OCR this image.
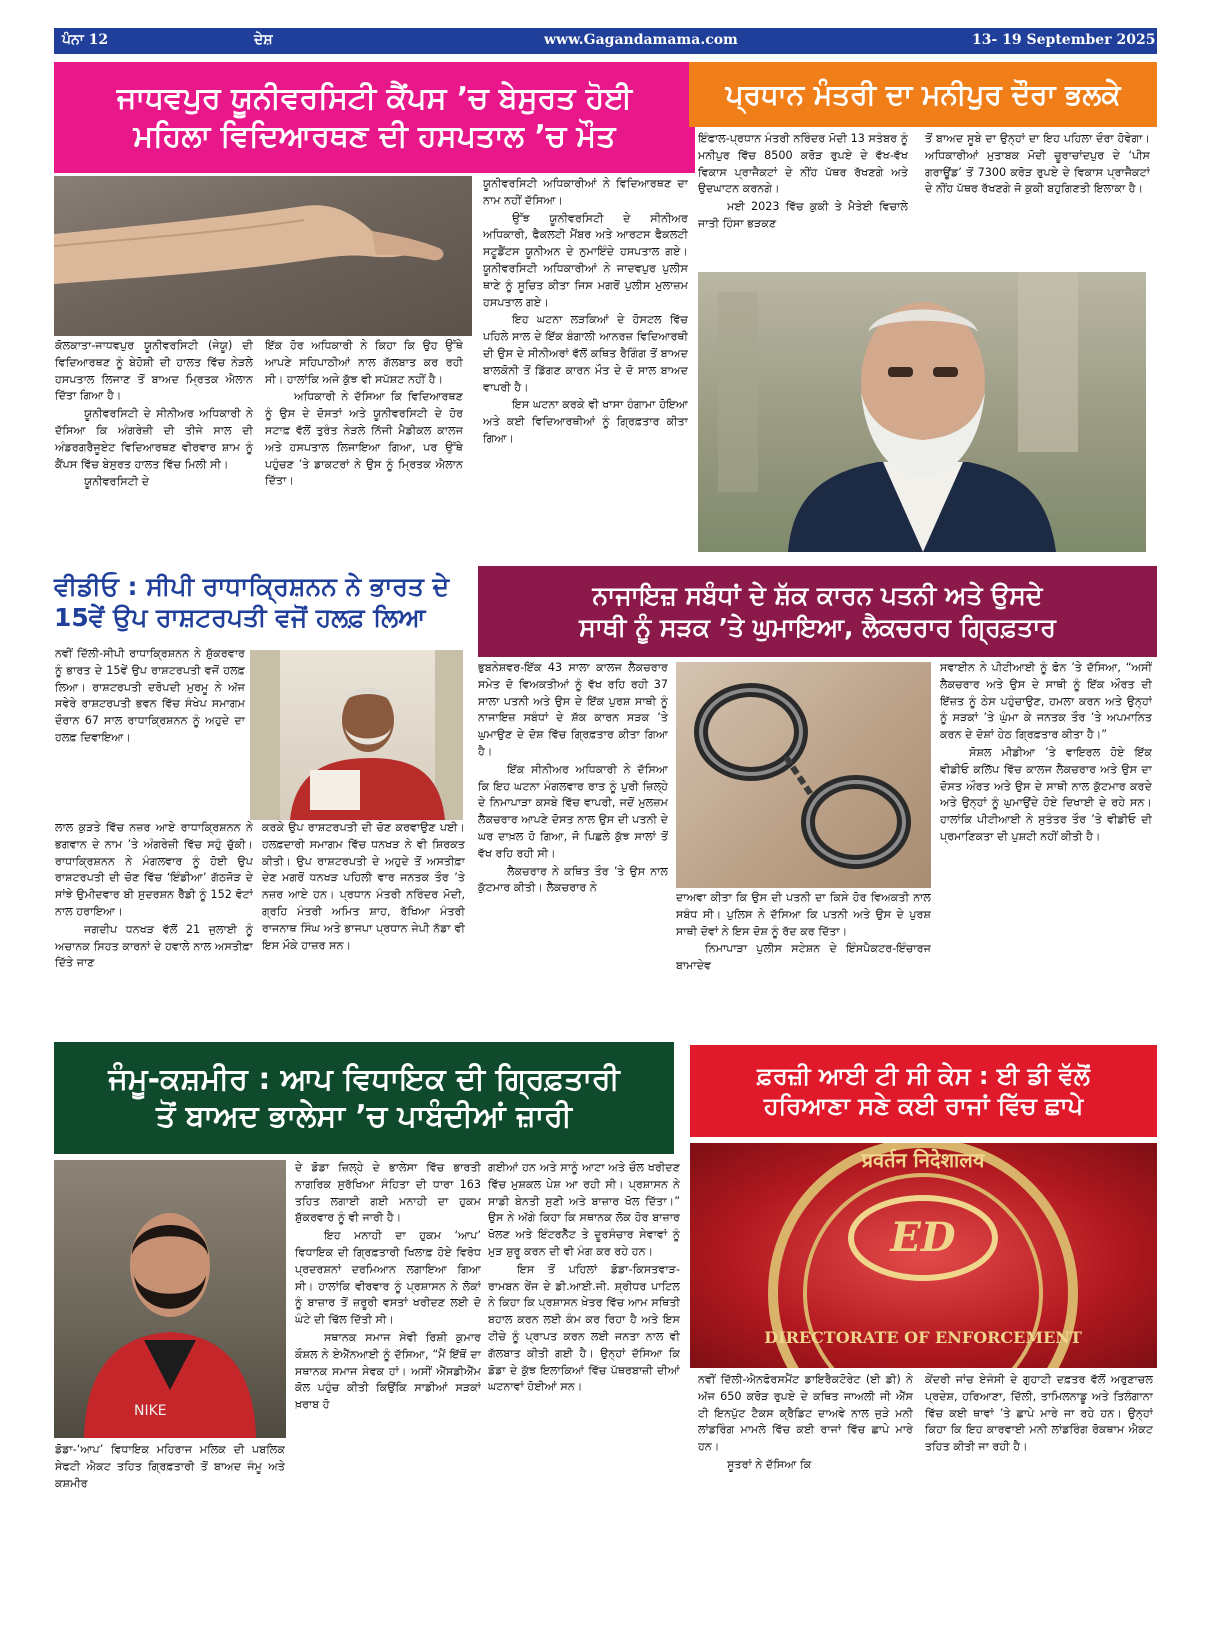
ਪੰਨਾ 12	ਦੇਸ਼	www.Gagandamama.com	13- 19 September 2025
ਜਾਧਵਪੁਰ ਯੂਨੀਵਰਸਿਟੀ ਕੈਂਪਸ ’ਚ ਬੇਸੁਰਤ ਹੋਈ
ਮਹਿਲਾ ਵਿਦਿਆਰਥਣ ਦੀ ਹਸਪਤਾਲ ’ਚ ਮੌਤ

ਕੋਲਕਾਤਾ-ਜਾਧਵਪੁਰ ਯੂਨੀਵਰਸਿਟੀ (ਜੇਯੂ) ਦੀ ਵਿਦਿਆਰਥਣ ਨੂੰ ਬੇਹੋਸ਼ੀ ਦੀ ਹਾਲਤ ਵਿੱਚ ਨੇੜਲੇ ਹਸਪਤਾਲ ਲਿਜਾਣ ਤੋਂ ਬਾਅਦ ਮ੍ਰਿਤਕ ਐਲਾਨ ਦਿੱਤਾ ਗਿਆ ਹੈ।

ਯੂਨੀਵਰਸਿਟੀ ਦੇ ਸੀਨੀਅਰ ਅਧਿਕਾਰੀ ਨੇ ਦੱਸਿਆ ਕਿ ਅੰਗਰੇਜ਼ੀ ਦੀ ਤੀਜੇ ਸਾਲ ਦੀ ਅੰਡਰਗਰੈਜੂਏਟ ਵਿਦਿਆਰਥਣ ਵੀਰਵਾਰ ਸ਼ਾਮ ਨੂੰ ਕੈਂਪਸ ਵਿੱਚ ਬੇਸੁਰਤ ਹਾਲਤ ਵਿੱਚ ਮਿਲੀ ਸੀ।

ਯੂਨੀਵਰਸਿਟੀ ਦੇ

ਇੱਕ ਹੋਰ ਅਧਿਕਾਰੀ ਨੇ ਕਿਹਾ ਕਿ ਉਹ ਉੱਥੇ ਆਪਣੇ ਸਹਿਪਾਠੀਆਂ ਨਾਲ ਗੱਲਬਾਤ ਕਰ ਰਹੀ ਸੀ। ਹਾਲਾਂਕਿ ਅਜੇ ਕੁੱਝ ਵੀ ਸਪੱਸ਼ਟ ਨਹੀਂ ਹੈ।

ਅਧਿਕਾਰੀ ਨੇ ਦੱਸਿਆ ਕਿ ਵਿਦਿਆਰਥਣ ਨੂੰ ਉਸ ਦੇ ਦੋਸਤਾਂ ਅਤੇ ਯੂਨੀਵਰਸਿਟੀ ਦੇ ਹੋਰ ਸਟਾਫ਼ ਵੱਲੋਂ ਤੁਰੰਤ ਨੇੜਲੇ ਨਿੱਜੀ ਮੈਡੀਕਲ ਕਾਲਜ ਅਤੇ ਹਸਪਤਾਲ ਲਿਜਾਇਆ ਗਿਆ, ਪਰ ਉੱਥੇ ਪਹੁੰਚਣ ’ਤੇ ਡਾਕਟਰਾਂ ਨੇ ਉਸ ਨੂੰ ਮ੍ਰਿਤਕ ਐਲਾਨ ਦਿੱਤਾ।

ਯੂਨੀਵਰਸਿਟੀ ਅਧਿਕਾਰੀਆਂ ਨੇ ਵਿਦਿਆਰਥਣ ਦਾ ਨਾਮ ਨਹੀਂ ਦੱਸਿਆ।

ਉੱਝ ਯੂਨੀਵਰਸਿਟੀ ਦੇ ਸੀਨੀਅਰ ਅਧਿਕਾਰੀ, ਫੈਕਲਟੀ ਮੈਂਬਰ ਅਤੇ ਆਰਟਸ ਫੈਕਲਟੀ ਸਟੂਡੈਂਟਸ ਯੂਨੀਅਨ ਦੇ ਨੁਮਾਇੰਦੇ ਹਸਪਤਾਲ ਗਏ। ਯੂਨੀਵਰਸਿਟੀ ਅਧਿਕਾਰੀਆਂ ਨੇ ਜਾਦਵਪੁਰ ਪੁਲੀਸ ਥਾਣੇ ਨੂੰ ਸੂਚਿਤ ਕੀਤਾ ਜਿਸ ਮਗਰੋਂ ਪੁਲੀਸ ਮੁਲਾਜ਼ਮ ਹਸਪਤਾਲ ਗਏ।

ਇਹ ਘਟਨਾ ਲੜਕਿਆਂ ਦੇ ਹੋਸਟਲ ਵਿੱਚ ਪਹਿਲੇ ਸਾਲ ਦੇ ਇੱਕ ਬੰਗਾਲੀ ਆਨਰਜ਼ ਵਿਦਿਆਰਥੀ ਦੀ ਉਸ ਦੇ ਸੀਨੀਅਰਾਂ ਵੱਲੋਂ ਕਥਿਤ ਰੈਗਿੰਗ ਤੋਂ ਬਾਅਦ ਬਾਲਕੋਨੀ ਤੋਂ ਡਿੱਗਣ ਕਾਰਨ ਮੌਤ ਦੇ ਦੋ ਸਾਲ ਬਾਅਦ ਵਾਪਰੀ ਹੈ।

ਇਸ ਘਟਨਾ ਕਰਕੇ ਵੀ ਖਾਸਾ ਹੰਗਾਮਾ ਹੋਇਆ ਅਤੇ ਕਈ ਵਿਦਿਆਰਥੀਆਂ ਨੂੰ ਗ੍ਰਿਫ਼ਤਾਰ ਕੀਤਾ ਗਿਆ।

ਪ੍ਰਧਾਨ ਮੰਤਰੀ ਦਾ ਮਨੀਪੁਰ ਦੌਰਾ ਭਲਕੇ

ਇੰਫਾਲ-ਪ੍ਰਧਾਨ ਮੰਤਰੀ ਨਰਿੰਦਰ ਮੋਦੀ 13 ਸਤੰਬਰ ਨੂੰ ਮਨੀਪੁਰ ਵਿੱਚ 8500 ਕਰੋੜ ਰੁਪਏ ਦੇ ਵੱਖ-ਵੱਖ ਵਿਕਾਸ ਪ੍ਰਾਜੈਕਟਾਂ ਦੇ ਨੀਂਹ ਪੱਥਰ ਰੱਖਣਗੇ ਅਤੇ ਉਦਘਾਟਨ ਕਰਨਗੇ।

ਮਈ 2023 ਵਿੱਚ ਕੁਕੀ ਤੇ ਮੈਤੇਈ ਵਿਚਾਲੇ ਜਾਤੀ ਹਿੰਸਾ ਭੜਕਣ

ਤੋਂ ਬਾਅਦ ਸੂਬੇ ਦਾ ਉਨ੍ਹਾਂ ਦਾ ਇਹ ਪਹਿਲਾ ਦੌਰਾ ਹੋਵੇਗਾ। ਅਧਿਕਾਰੀਆਂ ਮੁਤਾਬਕ ਮੋਦੀ ਚੂਰਾਚਾਂਦਪੁਰ ਦੇ ‘ਪੀਸ ਗਰਾਊਂਡ’ ਤੋਂ 7300 ਕਰੋੜ ਰੁਪਏ ਦੇ ਵਿਕਾਸ ਪ੍ਰਾਜੈਕਟਾਂ ਦੇ ਨੀਂਹ ਪੱਥਰ ਰੱਖਣਗੇ ਜੋ ਕੁਕੀ ਬਹੁਗਿਣਤੀ ਇਲਾਕਾ ਹੈ।

ਵੀਡੀਓ : ਸੀਪੀ ਰਾਧਾਕ੍ਰਿਸ਼ਨਨ ਨੇ ਭਾਰਤ ਦੇ
15ਵੇਂ ਉਪ ਰਾਸ਼ਟਰਪਤੀ ਵਜੋਂ ਹਲਫ਼ ਲਿਆ

ਨਵੀਂ ਦਿੱਲੀ-ਸੀਪੀ ਰਾਧਾਕ੍ਰਿਸ਼ਨਨ ਨੇ ਸ਼ੁੱਕਰਵਾਰ ਨੂੰ ਭਾਰਤ ਦੇ 15ਵੇਂ ਉਪ ਰਾਸ਼ਟਰਪਤੀ ਵਜੋਂ ਹਲਫ਼ ਲਿਆ। ਰਾਸ਼ਟਰਪਤੀ ਦਰੋਪਦੀ ਮੁਰਮੂ ਨੇ ਅੱਜ ਸਵੇਰੇ ਰਾਸ਼ਟਰਪਤੀ ਭਵਨ ਵਿੱਚ ਸੰਖੇਪ ਸਮਾਗਮ ਦੌਰਾਨ 67 ਸਾਲ ਰਾਧਾਕ੍ਰਿਸ਼ਨਨ ਨੂੰ ਅਹੁਦੇ ਦਾ ਹਲਫ਼ ਦਿਵਾਇਆ।

ਲਾਲ ਕੁੜਤੇ ਵਿੱਚ ਨਜ਼ਰ ਆਏ ਰਾਧਾਕ੍ਰਿਸ਼ਨਨ ਨੇ ਭਗਵਾਨ ਦੇ ਨਾਮ ’ਤੇ ਅੰਗਰੇਜ਼ੀ ਵਿੱਚ ਸਹੁੰ ਚੁੱਕੀ। ਰਾਧਾਕ੍ਰਿਸ਼ਨਨ ਨੇ ਮੰਗਲਵਾਰ ਨੂੰ ਹੋਈ ਉਪ ਰਾਸ਼ਟਰਪਤੀ ਦੀ ਚੋਣ ਵਿੱਚ ‘ਇੰਡੀਆ’ ਗੱਠਜੋੜ ਦੇ ਸਾਂਝੇ ਉਮੀਦਵਾਰ ਬੀ ਸੁਦਰਸ਼ਨ ਰੈੱਡੀ ਨੂੰ 152 ਵੋਟਾਂ ਨਾਲ ਹਰਾਇਆ।

ਜਗਦੀਪ ਧਨਖੜ ਵੱਲੋਂ 21 ਜੁਲਾਈ ਨੂੰ ਅਚਾਨਕ ਸਿਹਤ ਕਾਰਨਾਂ ਦੇ ਹਵਾਲੇ ਨਾਲ ਅਸਤੀਫ਼ਾ ਦਿੱਤੇ ਜਾਣ

ਕਰਕੇ ਉਪ ਰਾਸ਼ਟਰਪਤੀ ਦੀ ਚੋਣ ਕਰਵਾਉਣ ਪਈ। ਹਲਫ਼ਦਾਰੀ ਸਮਾਗਮ ਵਿੱਚ ਧਨਖੜ ਨੇ ਵੀ ਸ਼ਿਰਕਤ ਕੀਤੀ। ਉਪ ਰਾਸ਼ਟਰਪਤੀ ਦੇ ਅਹੁਦੇ ਤੋਂ ਅਸਤੀਫ਼ਾ ਦੇਣ ਮਗਰੋਂ ਧਨਖੜ ਪਹਿਲੀ ਵਾਰ ਜਨਤਕ ਤੌਰ ’ਤੇ ਨਜ਼ਰ ਆਏ ਹਨ। ਪ੍ਰਧਾਨ ਮੰਤਰੀ ਨਰਿੰਦਰ ਮੋਦੀ, ਗ੍ਰਹਿ ਮੰਤਰੀ ਅਮਿਤ ਸ਼ਾਹ, ਰੱਖਿਆ ਮੰਤਰੀ ਰਾਜਨਾਥ ਸਿੰਘ ਅਤੇ ਭਾਜਪਾ ਪ੍ਰਧਾਨ ਜੇਪੀ ਨੱਡਾ ਵੀ ਇਸ ਮੌਕੇ ਹਾਜ਼ਰ ਸਨ।

ਨਾਜਾਇਜ਼ ਸਬੰਧਾਂ ਦੇ ਸ਼ੱਕ ਕਾਰਨ ਪਤਨੀ ਅਤੇ ਉਸਦੇ
ਸਾਥੀ ਨੂੰ ਸੜਕ ’ਤੇ ਘੁਮਾਇਆ, ਲੈਕਚਰਾਰ ਗ੍ਰਿਫ਼ਤਾਰ

ਭੁਬਨੇਸ਼ਵਰ-ਇੱਕ 43 ਸਾਲਾ ਕਾਲਜ ਲੈਕਚਰਾਰ ਸਮੇਤ ਦੋ ਵਿਅਕਤੀਆਂ ਨੂੰ ਵੱਖ ਰਹਿ ਰਹੀ 37 ਸਾਲਾ ਪਤਨੀ ਅਤੇ ਉਸ ਦੇ ਇੱਕ ਪੁਰਸ਼ ਸਾਥੀ ਨੂੰ ਨਾਜਾਇਜ਼ ਸਬੰਧਾਂ ਦੇ ਸ਼ੱਕ ਕਾਰਨ ਸੜਕ ’ਤੇ ਘੁਮਾਉਣ ਦੇ ਦੋਸ਼ ਵਿੱਚ ਗ੍ਰਿਫ਼ਤਾਰ ਕੀਤਾ ਗਿਆ ਹੈ।

ਇੱਕ ਸੀਨੀਅਰ ਅਧਿਕਾਰੀ ਨੇ ਦੱਸਿਆ ਕਿ ਇਹ ਘਟਨਾ ਮੰਗਲਵਾਰ ਰਾਤ ਨੂੰ ਪੁਰੀ ਜ਼ਿਲ੍ਹੇ ਦੇ ਨਿਮਾਪਾੜਾ ਕਸਬੇ ਵਿੱਚ ਵਾਪਰੀ, ਜਦੋਂ ਮੁਲਜ਼ਮ ਲੈਕਚਰਾਰ ਆਪਣੇ ਦੋਸਤ ਨਾਲ ਉਸ ਦੀ ਪਤਨੀ ਦੇ ਘਰ ਦਾਖ਼ਲ ਹੋ ਗਿਆ, ਜੋ ਪਿਛਲੇ ਕੁੱਝ ਸਾਲਾਂ ਤੋਂ ਵੱਖ ਰਹਿ ਰਹੀ ਸੀ।

ਲੈਕਚਰਾਰ ਨੇ ਕਥਿਤ ਤੌਰ ’ਤੇ ਉਸ ਨਾਲ ਕੁੱਟਮਾਰ ਕੀਤੀ। ਲੈਕਚਰਾਰ ਨੇ

ਦਾਅਵਾ ਕੀਤਾ ਕਿ ਉਸ ਦੀ ਪਤਨੀ ਦਾ ਕਿਸੇ ਹੋਰ ਵਿਅਕਤੀ ਨਾਲ ਸਬੰਧ ਸੀ। ਪੁਲਿਸ ਨੇ ਦੱਸਿਆ ਕਿ ਪਤਨੀ ਅਤੇ ਉਸ ਦੇ ਪੁਰਸ਼ ਸਾਥੀ ਦੋਵਾਂ ਨੇ ਇਸ ਦੋਸ਼ ਨੂੰ ਰੱਦ ਕਰ ਦਿੱਤਾ।

ਨਿਮਾਪਾੜਾ ਪੁਲੀਸ ਸਟੇਸ਼ਨ ਦੇ ਇੰਸਪੈਕਟਰ-ਇੰਚਾਰਜ ਬਾਮਾਦੇਵ

ਸਵਾਈਨ ਨੇ ਪੀਟੀਆਈ ਨੂੰ ਫੋਨ ’ਤੇ ਦੱਸਿਆ, “ਅਸੀਂ ਲੈਕਚਰਾਰ ਅਤੇ ਉਸ ਦੇ ਸਾਥੀ ਨੂੰ ਇੱਕ ਔਰਤ ਦੀ ਇੱਜ਼ਤ ਨੂੰ ਠੇਸ ਪਹੁੰਚਾਉਣ, ਹਮਲਾ ਕਰਨ ਅਤੇ ਉਨ੍ਹਾਂ ਨੂੰ ਸੜਕਾਂ ’ਤੇ ਘੁੰਮਾ ਕੇ ਜਨਤਕ ਤੌਰ ’ਤੇ ਅਪਮਾਨਿਤ ਕਰਨ ਦੇ ਦੋਸ਼ਾਂ ਹੇਠ ਗ੍ਰਿਫ਼ਤਾਰ ਕੀਤਾ ਹੈ।”

ਸੋਸ਼ਲ ਮੀਡੀਆ ’ਤੇ ਵਾਇਰਲ ਹੋਏ ਇੱਕ ਵੀਡੀਓ ਕਲਿੱਪ ਵਿੱਚ ਕਾਲਜ ਲੈਕਚਰਾਰ ਅਤੇ ਉਸ ਦਾ ਦੋਸਤ ਔਰਤ ਅਤੇ ਉਸ ਦੇ ਸਾਥੀ ਨਾਲ ਕੁੱਟਮਾਰ ਕਰਦੇ ਅਤੇ ਉਨ੍ਹਾਂ ਨੂੰ ਘੁਮਾਉਂਦੇ ਹੋਏ ਦਿਖਾਈ ਦੇ ਰਹੇ ਸਨ। ਹਾਲਾਂਕਿ ਪੀਟੀਆਈ ਨੇ ਸੁਤੰਤਰ ਤੌਰ ’ਤੇ ਵੀਡੀਓ ਦੀ ਪ੍ਰਮਾਣਿਕਤਾ ਦੀ ਪੁਸ਼ਟੀ ਨਹੀਂ ਕੀਤੀ ਹੈ।

ਜੰਮੂ-ਕਸ਼ਮੀਰ : ਆਪ ਵਿਧਾਇਕ ਦੀ ਗ੍ਰਿਫ਼ਤਾਰੀ
ਤੋਂ ਬਾਅਦ ਭਾਲੇਸਾ ’ਚ ਪਾਬੰਦੀਆਂ ਜ਼ਾਰੀ
NIKE

ਡੋਡਾ-‘ਆਪ’ ਵਿਧਾਇਕ ਮਹਿਰਾਜ ਮਲਿਕ ਦੀ ਪਬਲਿਕ ਸੇਫਟੀ ਐਕਟ ਤਹਿਤ ਗ੍ਰਿਫ਼ਤਾਰੀ ਤੋਂ ਬਾਅਦ ਜੰਮੂ ਅਤੇ ਕਸ਼ਮੀਰ

ਦੇ ਡੋਡਾ ਜ਼ਿਲ੍ਹੇ ਦੇ ਭਾਲੇਸਾ ਵਿੱਚ ਭਾਰਤੀ ਨਾਗਰਿਕ ਸੁਰੱਖਿਆ ਸੰਹਿਤਾ ਦੀ ਧਾਰਾ 163 ਤਹਿਤ ਲਗਾਈ ਗਈ ਮਨਾਹੀ ਦਾ ਹੁਕਮ ਸ਼ੁੱਕਰਵਾਰ ਨੂੰ ਵੀ ਜਾਰੀ ਹੈ।

ਇਹ ਮਨਾਹੀ ਦਾ ਹੁਕਮ ‘ਆਪ’ ਵਿਧਾਇਕ ਦੀ ਗ੍ਰਿਫ਼ਤਾਰੀ ਖਿਲਾਫ਼ ਹੋਏ ਵਿਰੋਧ ਪ੍ਰਦਰਸ਼ਨਾਂ ਦਰਮਿਆਨ ਲਗਾਇਆ ਗਿਆ ਸੀ। ਹਾਲਾਂਕਿ ਵੀਰਵਾਰ ਨੂੰ ਪ੍ਰਸ਼ਾਸਨ ਨੇ ਲੋਕਾਂ ਨੂੰ ਬਾਜ਼ਾਰ ਤੋਂ ਜ਼ਰੂਰੀ ਵਸਤਾਂ ਖਰੀਦਣ ਲਈ ਦੋ ਘੰਟੇ ਦੀ ਢਿੱਲ ਦਿੱਤੀ ਸੀ।

ਸਥਾਨਕ ਸਮਾਜ ਸੇਵੀ ਰਿਸ਼ੀ ਕੁਮਾਰ ਕੌਸ਼ਲ ਨੇ ਏਐੱਨਆਈ ਨੂੰ ਦੱਸਿਆ, “ਮੈਂ ਇੱਥੋਂ ਦਾ ਸਥਾਨਕ ਸਮਾਜ ਸੇਵਕ ਹਾਂ। ਅਸੀਂ ਐੱਸਡੀਐੱਮ ਕੋਲ ਪਹੁੰਚ ਕੀਤੀ ਕਿਉਂਕਿ ਸਾਡੀਆਂ ਸੜਕਾਂ ਖ਼ਰਾਬ ਹੋ

ਗਈਆਂ ਹਨ ਅਤੇ ਸਾਨੂੰ ਆਟਾ ਅਤੇ ਚੌਲ ਖਰੀਦਣ ਵਿੱਚ ਮੁਸ਼ਕਲ ਪੇਸ਼ ਆ ਰਹੀ ਸੀ। ਪ੍ਰਸ਼ਾਸਨ ਨੇ ਸਾਡੀ ਬੇਨਤੀ ਸੁਣੀ ਅਤੇ ਬਾਜ਼ਾਰ ਖੋਲ ਦਿੱਤਾ।” ਉਸ ਨੇ ਅੱਗੇ ਕਿਹਾ ਕਿ ਸਥਾਨਕ ਲੋਕ ਹੋਰ ਬਾਜ਼ਾਰ ਖੋਲਣ ਅਤੇ ਇੰਟਰਨੈੱਟ ਤੇ ਦੂਰਸੰਚਾਰ ਸੇਵਾਵਾਂ ਨੂੰ ਮੁੜ ਸ਼ੁਰੂ ਕਰਨ ਦੀ ਵੀ ਮੰਗ ਕਰ ਰਹੇ ਹਨ।

ਇਸ ਤੋਂ ਪਹਿਲਾਂ ਡੋਡਾ-ਕਿਸਤਵਾੜ-ਰਾਮਬਨ ਰੇਂਜ ਦੇ ਡੀ.ਆਈ.ਜੀ. ਸ਼੍ਰੀਧਰ ਪਾਟਿਲ ਨੇ ਕਿਹਾ ਕਿ ਪ੍ਰਸ਼ਾਸਨ ਖ਼ੇਤਰ ਵਿੱਚ ਆਮ ਸਥਿਤੀ ਬਹਾਲ ਕਰਨ ਲਈ ਕੰਮ ਕਰ ਰਿਹਾ ਹੈ ਅਤੇ ਇਸ ਟੀਚੇ ਨੂੰ ਪ੍ਰਾਪਤ ਕਰਨ ਲਈ ਜਨਤਾ ਨਾਲ ਵੀ ਗੱਲਬਾਤ ਕੀਤੀ ਗਈ ਹੈ। ਉਨ੍ਹਾਂ ਦੱਸਿਆ ਕਿ ਡੋਡਾ ਦੇ ਕੁੱਝ ਇਲਾਕਿਆਂ ਵਿੱਚ ਪੱਥਰਬਾਜ਼ੀ ਦੀਆਂ ਘਟਨਾਵਾਂ ਹੋਈਆਂ ਸਨ।

ਫ਼ਰਜ਼ੀ ਆਈ ਟੀ ਸੀ ਕੇਸ : ਈ ਡੀ ਵੱਲੋਂ
ਹਰਿਆਣਾ ਸਣੇ ਕਈ ਰਾਜਾਂ ਵਿੱਚ ਛਾਪੇ
प्रवर्तन निदेशालय
ED
DIRECTORATE OF ENFORCEMENT

ਨਵੀਂ ਦਿੱਲੀ-ਐਨਫੋਰਸਮੈਂਟ ਡਾਇਰੈਕਟੋਰੇਟ (ਈ ਡੀ) ਨੇ ਅੱਜ 650 ਕਰੋੜ ਰੁਪਏ ਦੇ ਕਥਿਤ ਜਾਅਲੀ ਜੀ ਐੱਸ ਟੀ ਇਨਪੁੱਟ ਟੈਕਸ ਕ੍ਰੈਡਿਟ ਦਾਅਵੇ ਨਾਲ ਜੁੜੇ ਮਨੀ ਲਾਂਡਰਿੰਗ ਮਾਮਲੇ ਵਿੱਚ ਕਈ ਰਾਜਾਂ ਵਿੱਚ ਛਾਪੇ ਮਾਰੇ ਹਨ।

ਸੂਤਰਾਂ ਨੇ ਦੱਸਿਆ ਕਿ

ਕੇਂਦਰੀ ਜਾਂਚ ਏਜੰਸੀ ਦੇ ਗੁਹਾਟੀ ਦਫ਼ਤਰ ਵੱਲੋਂ ਅਰੁਣਾਚਲ ਪ੍ਰਦੇਸ਼, ਹਰਿਆਣਾ, ਦਿੱਲੀ, ਤਾਮਿਲਨਾਡੂ ਅਤੇ ਤਿਲੰਗਾਨਾ ਵਿੱਚ ਕਈ ਥਾਵਾਂ ’ਤੇ ਛਾਪੇ ਮਾਰੇ ਜਾ ਰਹੇ ਹਨ। ਉਨ੍ਹਾਂ ਕਿਹਾ ਕਿ ਇਹ ਕਾਰਵਾਈ ਮਨੀ ਲਾਂਡਰਿੰਗ ਰੋਕਥਾਮ ਐਕਟ ਤਹਿਤ ਕੀਤੀ ਜਾ ਰਹੀ ਹੈ।
